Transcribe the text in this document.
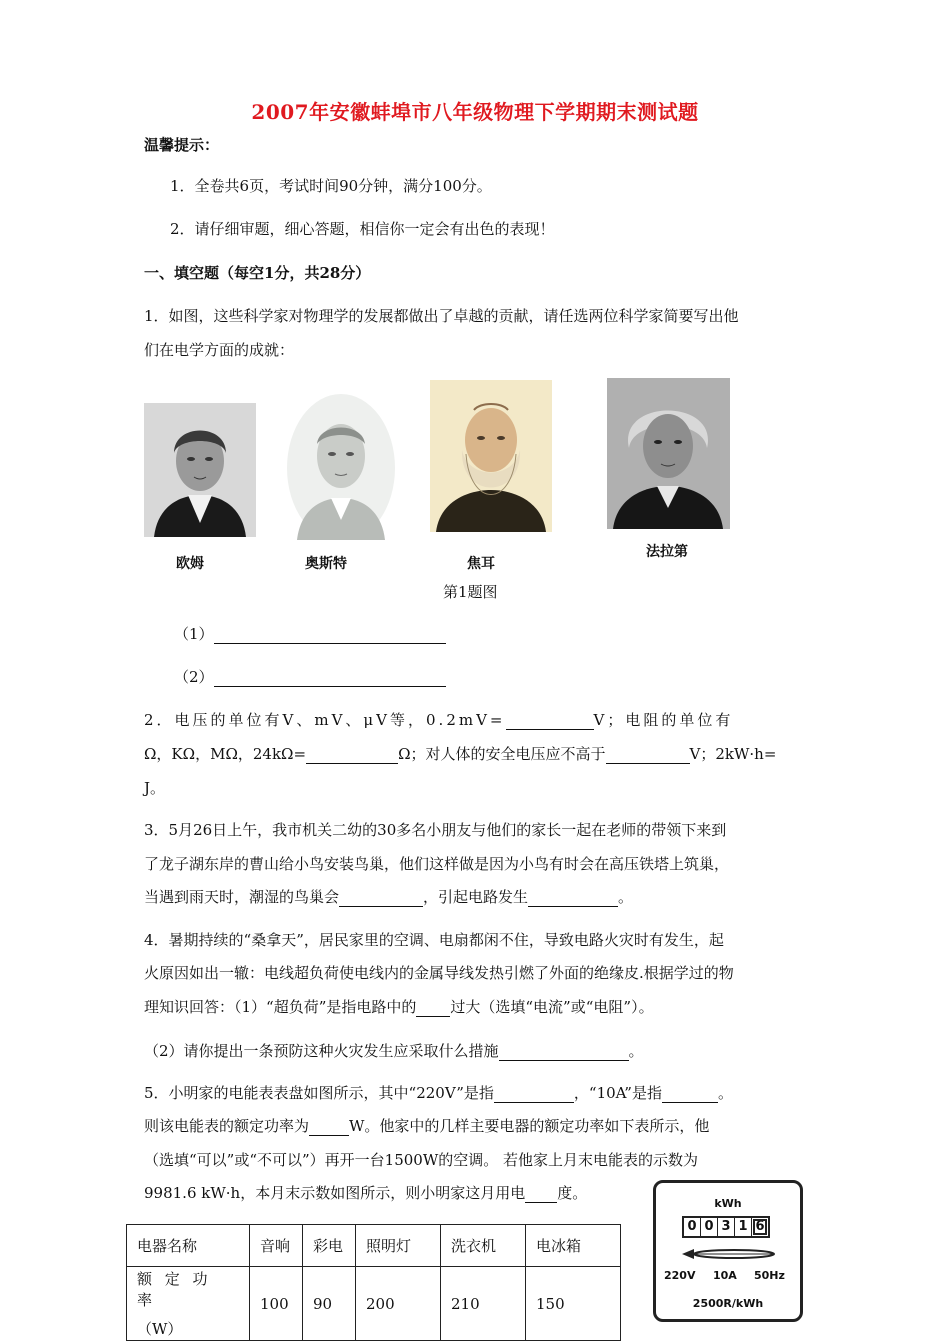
2007年安徽蚌埠市八年级物理下学期期末测试题
温馨提示：
1．全卷共6页，考试时间90分钟，满分100分。
2．请仔细审题，细心答题，相信你一定会有出色的表现！
一、填空题（每空1分，共28分）
1．如图，这些科学家对物理学的发展都做出了卓越的贡献，请任选两位科学家简要写出他
们在电学方面的成就：
欧姆	奥斯特	焦耳
法拉第
第1题图
（1）
（2）
2．电压的单位有V、mV、μV等，0.2mV=	V；电阻的单位有
Ω，KΩ，MΩ，24kΩ=	Ω；对人体的安全电压应不高于	V；2kW·h=
J。
3．5月26日上午，我市机关二幼的30多名小朋友与他们的家长一起在老师的带领下来到
了龙子湖东岸的曹山给小鸟安装鸟巢，他们这样做是因为小鸟有时会在高压铁塔上筑巢，
当遇到雨天时，潮湿的鸟巢会	，引起电路发生	。
4．暑期持续的“桑拿天”，居民家里的空调、电扇都闲不住，导致电路火灾时有发生，起
火原因如出一辙：电线超负荷使电线内的金属导线发热引燃了外面的绝缘皮.根据学过的物
理知识回答：（1）“超负荷”是指电路中的 过大（选填“电流”或“电阻”）。
（2）请你提出一条预防这种火灾发生应采取什么措施	。
5．小明家的电能表表盘如图所示，其中“220V”是指	，“10A”是指	。
则该电能表的额定功率为	W。他家中的几样主要电器的额定功率如下表所示，他
（选填“可以”或“不可以”）再开一台1500W的空调。 若他家上月末电能表的示数为
9981.6 kW·h，本月末示数如图所示，则小明家这月用电 度。
电器名称	音响	彩电	照明灯	洗衣机	电冰箱

额 定 功 率
（W）	100	90	200	210	150
kWh
0 0 3 1 6
220V 10A 50Hz
2500R/kWh
